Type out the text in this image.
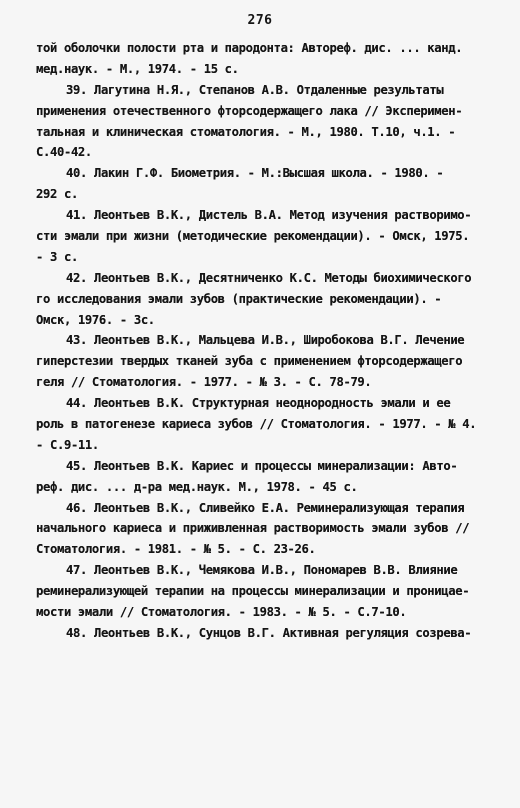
276
той оболочки полости рта и пародонта: Автореф. дис. ... канд.
мед.наук. - М., 1974. - 15 с.
39. Лагутина Н.Я., Степанов А.В. Отдаленные результаты
применения отечественного фторсодержащего лака // Эксперимен-
тальная и клиническая стоматология. - М., 1980. Т.10, ч.1. -
С.40-42.
40. Лакин Г.Ф. Биометрия. - М.:Высшая школа. - 1980. -
292 с.
41. Леонтьев В.К., Дистель В.А. Метод изучения растворимо-
сти эмали при жизни (методические рекомендации). - Омск, 1975.
- 3 с.
42. Леонтьев В.К., Десятниченко К.С. Методы биохимического
го исследования эмали зубов (практические рекомендации). -
Омск, 1976. - 3с.
43. Леонтьев В.К., Мальцева И.В., Широбокова В.Г. Лечение
гиперстезии твердых тканей зуба с применением фторсодержащего
геля // Стоматология. - 1977. - № 3. - С. 78-79.
44. Леонтьев В.К. Структурная неоднородность эмали и ее
роль в патогенезе кариеса зубов // Стоматология. - 1977. - № 4.
- С.9-11.
45. Леонтьев В.К. Кариес и процессы минерализации: Авто-
реф. дис. ... д-ра мед.наук. М., 1978. - 45 с.
46. Леонтьев В.К., Сливейко Е.А. Реминерализующая терапия
начального кариеса и приживленная растворимость эмали зубов //
Стоматология. - 1981. - № 5. - С. 23-26.
47. Леонтьев В.К., Чемякова И.В., Пономарев В.В. Влияние
реминерализующей терапии на процессы минерализации и проницае-
мости эмали // Стоматология. - 1983. - № 5. - С.7-10.
48. Леонтьев В.К., Сунцов В.Г. Активная регуляция созрева-
